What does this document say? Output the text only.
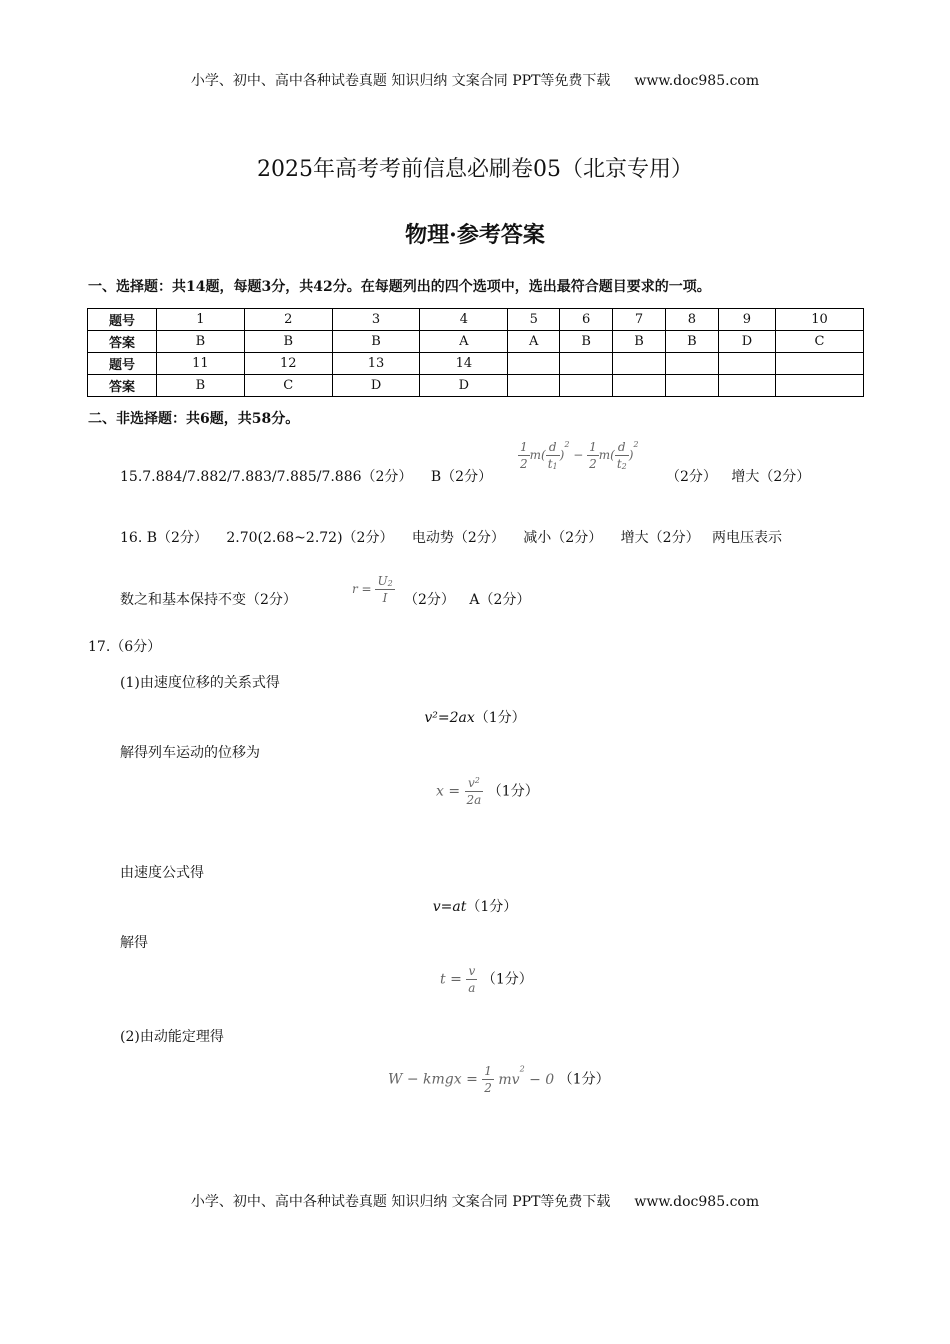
小学、初中、高中各种试卷真题 知识归纳 文案合同 PPT等免费下载 www.doc985.com
2025年高考考前信息必刷卷05（北京专用）
物理·参考答案
一、选择题：共14题，每题3分，共42分。在每题列出的四个选项中，选出最符合题目要求的一项。
题号	1	2	3	4	5	6	7	8	9	10
答案	B	B	B	A	A	B	B	B	D	C
题号	11	12	13	14						
答案	B	C	D	D						
二、非选择题：共6题，共58分。
15.7.884/7.882/7.883/7.885/7.886（2分） B（2分）
$\frac{1}{2} m( \frac{d}{t1} )^2 - \frac{1}{2} m( \frac{d}{t2} )^2$
（2分） 增大（2分）
16. B（2分） 2.70(2.68~2.72)（2分） 电动势（2分） 减小（2分） 增大（2分） 两电压表示
数之和基本保持不变（2分）
$r = \frac{U2}{I} (2$分） A（2分）
17.（6分）
(1)由速度位移的关系式得
v²=2ax（1分）
解得列车运动的位移为
$x = \frac{v^2}{2a} (1$分）
由速度公式得
v=at（1分）
解得
$t = \frac{v}{a} (1$分）
(2)由动能定理得
W − kmgx = $\frac{1}{2} mv^2 - 0$ （1分）
小学、初中、高中各种试卷真题 知识归纳 文案合同 PPT等免费下载 www.doc985.com
